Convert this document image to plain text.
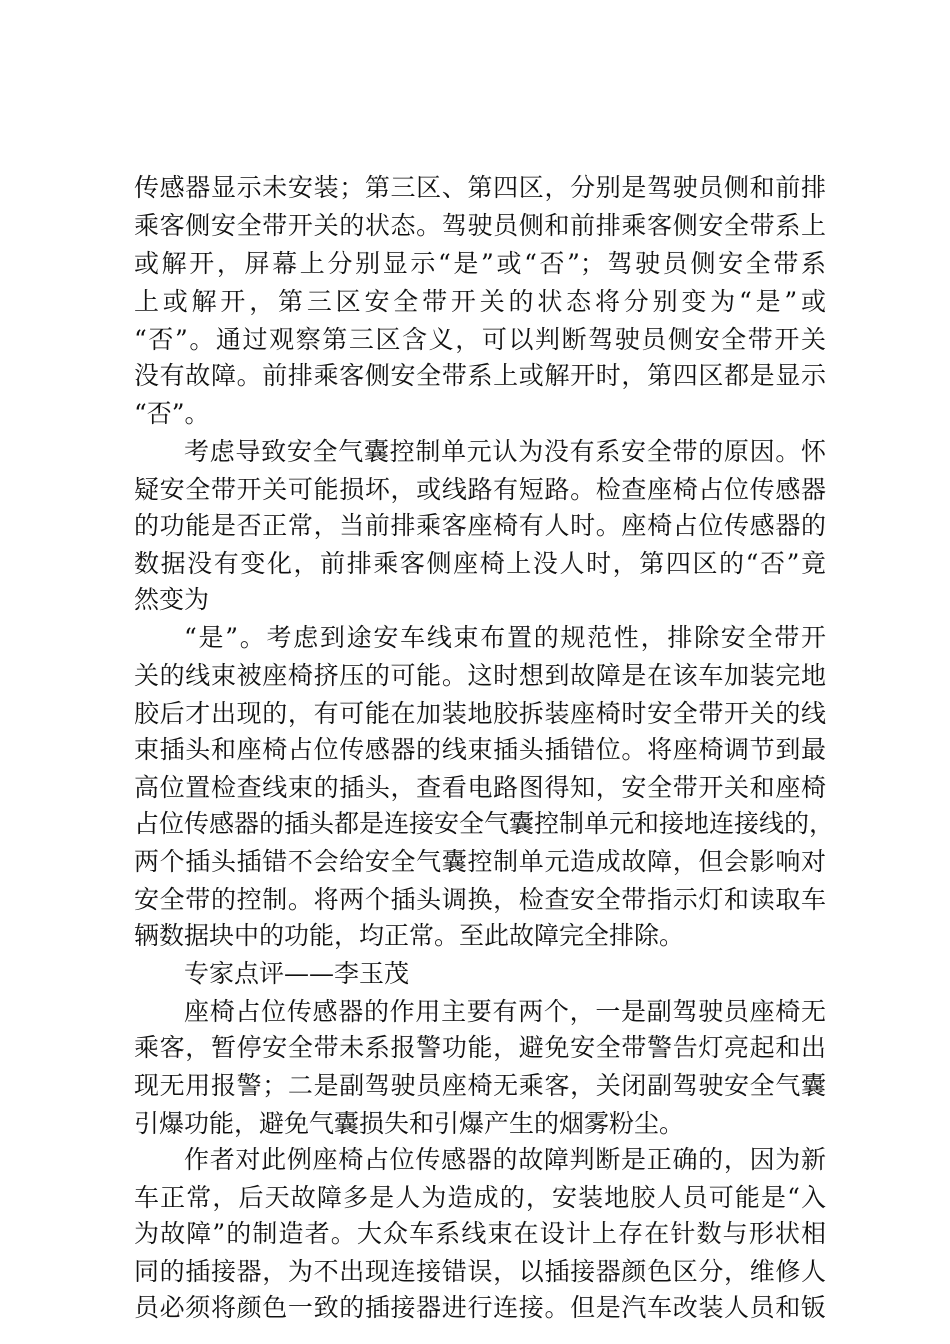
传感器显示未安装；第三区、第四区，分别是驾驶员侧和前排
乘客侧安全带开关的状态。驾驶员侧和前排乘客侧安全带系上
或解开，屏幕上分别显示“是”或“否”；驾驶员侧安全带系
上或解开，第三区安全带开关的状态将分别变为“是”或
“否”。通过观察第三区含义，可以判断驾驶员侧安全带开关
没有故障。前排乘客侧安全带系上或解开时，第四区都是显示
“否”。
考虑导致安全气囊控制单元认为没有系安全带的原因。怀
疑安全带开关可能损坏，或线路有短路。检查座椅占位传感器
的功能是否正常，当前排乘客座椅有人时。座椅占位传感器的
数据没有变化，前排乘客侧座椅上没人时，第四区的“否”竟
然变为
“是”。考虑到途安车线束布置的规范性，排除安全带开
关的线束被座椅挤压的可能。这时想到故障是在该车加装完地
胶后才出现的，有可能在加装地胶拆装座椅时安全带开关的线
束插头和座椅占位传感器的线束插头插错位。将座椅调节到最
高位置检查线束的插头，查看电路图得知，安全带开关和座椅
占位传感器的插头都是连接安全气囊控制单元和接地连接线的，
两个插头插错不会给安全气囊控制单元造成故障，但会影响对
安全带的控制。将两个插头调换，检查安全带指示灯和读取车
辆数据块中的功能，均正常。至此故障完全排除。
专家点评——李玉茂
座椅占位传感器的作用主要有两个，一是副驾驶员座椅无
乘客，暂停安全带未系报警功能，避免安全带警告灯亮起和出
现无用报警；二是副驾驶员座椅无乘客，关闭副驾驶安全气囊
引爆功能，避免气囊损失和引爆产生的烟雾粉尘。
作者对此例座椅占位传感器的故障判断是正确的，因为新
车正常，后天故障多是人为造成的，安装地胶人员可能是“入
为故障”的制造者。大众车系线束在设计上存在针数与形状相
同的插接器，为不出现连接错误，以插接器颜色区分，维修人
员必须将颜色一致的插接器进行连接。但是汽车改装人员和钣
